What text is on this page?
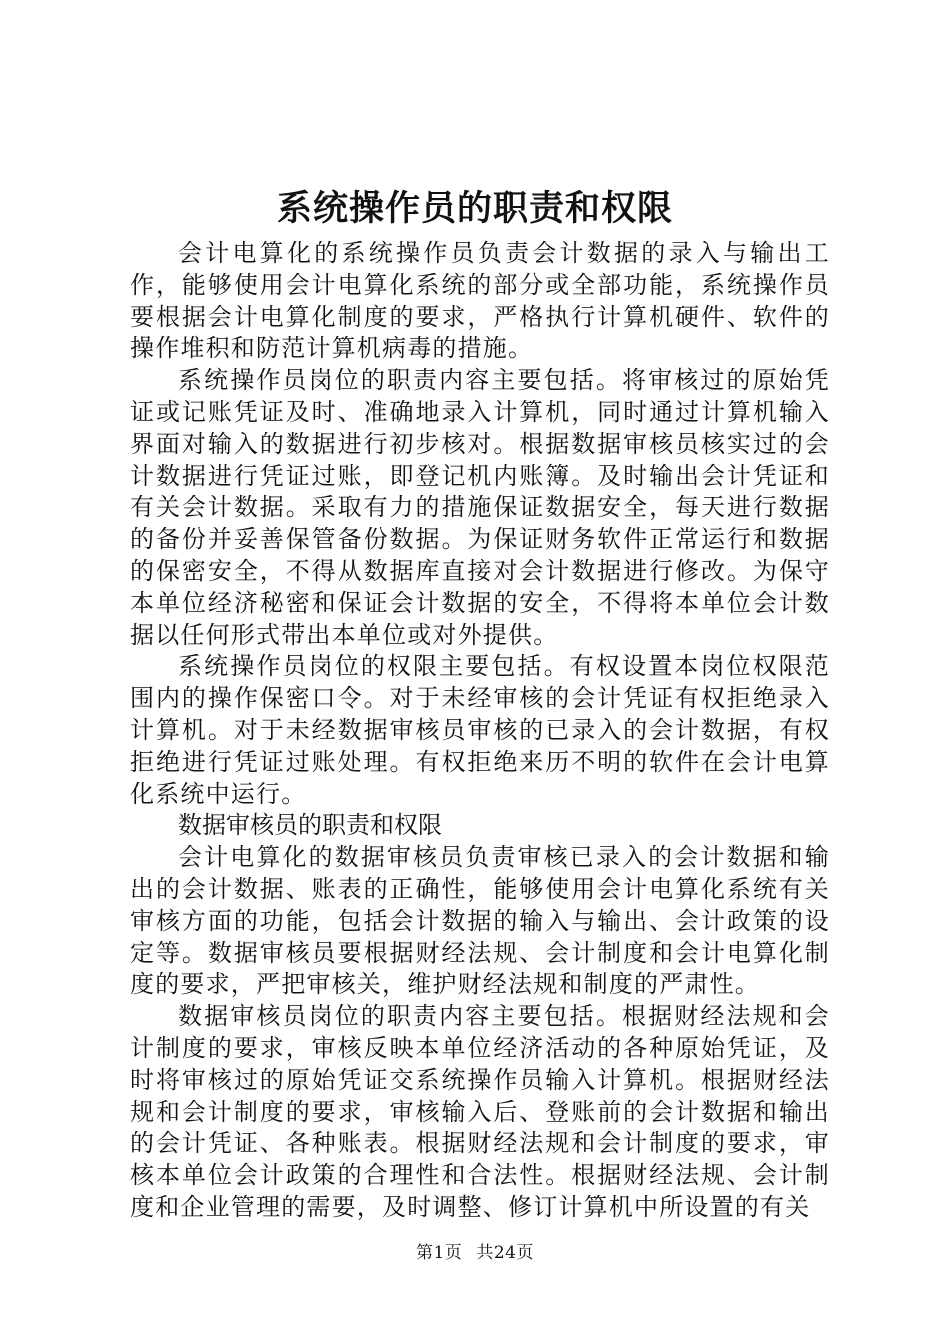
系统操作员的职责和权限

会计电算化的系统操作员负责会计数据的录入与输出工作，能够使用会计电算化系统的部分或全部功能，系统操作员要根据会计电算化制度的要求，严格执行计算机硬件、软件的操作堆积和防范计算机病毒的措施。

系统操作员岗位的职责内容主要包括。将审核过的原始凭证或记账凭证及时、准确地录入计算机，同时通过计算机输入界面对输入的数据进行初步核对。根据数据审核员核实过的会计数据进行凭证过账，即登记机内账簿。及时输出会计凭证和有关会计数据。采取有力的措施保证数据安全，每天进行数据的备份并妥善保管备份数据。为保证财务软件正常运行和数据的保密安全，不得从数据库直接对会计数据进行修改。为保守本单位经济秘密和保证会计数据的安全，不得将本单位会计数据以任何形式带出本单位或对外提供。

系统操作员岗位的权限主要包括。有权设置本岗位权限范围内的操作保密口令。对于未经审核的会计凭证有权拒绝录入计算机。对于未经数据审核员审核的已录入的会计数据，有权拒绝进行凭证过账处理。有权拒绝来历不明的软件在会计电算化系统中运行。

数据审核员的职责和权限

会计电算化的数据审核员负责审核已录入的会计数据和输出的会计数据、账表的正确性，能够使用会计电算化系统有关审核方面的功能，包括会计数据的输入与输出、会计政策的设定等。数据审核员要根据财经法规、会计制度和会计电算化制度的要求，严把审核关，维护财经法规和制度的严肃性。

数据审核员岗位的职责内容主要包括。根据财经法规和会计制度的要求，审核反映本单位经济活动的各种原始凭证，及时将审核过的原始凭证交系统操作员输入计算机。根据财经法规和会计制度的要求，审核输入后、登账前的会计数据和输出的会计凭证、各种账表。根据财经法规和会计制度的要求，审核本单位会计政策的合理性和合法性。根据财经法规、会计制度和企业管理的需要，及时调整、修订计算机中所设置的有关

第1页 共24页
